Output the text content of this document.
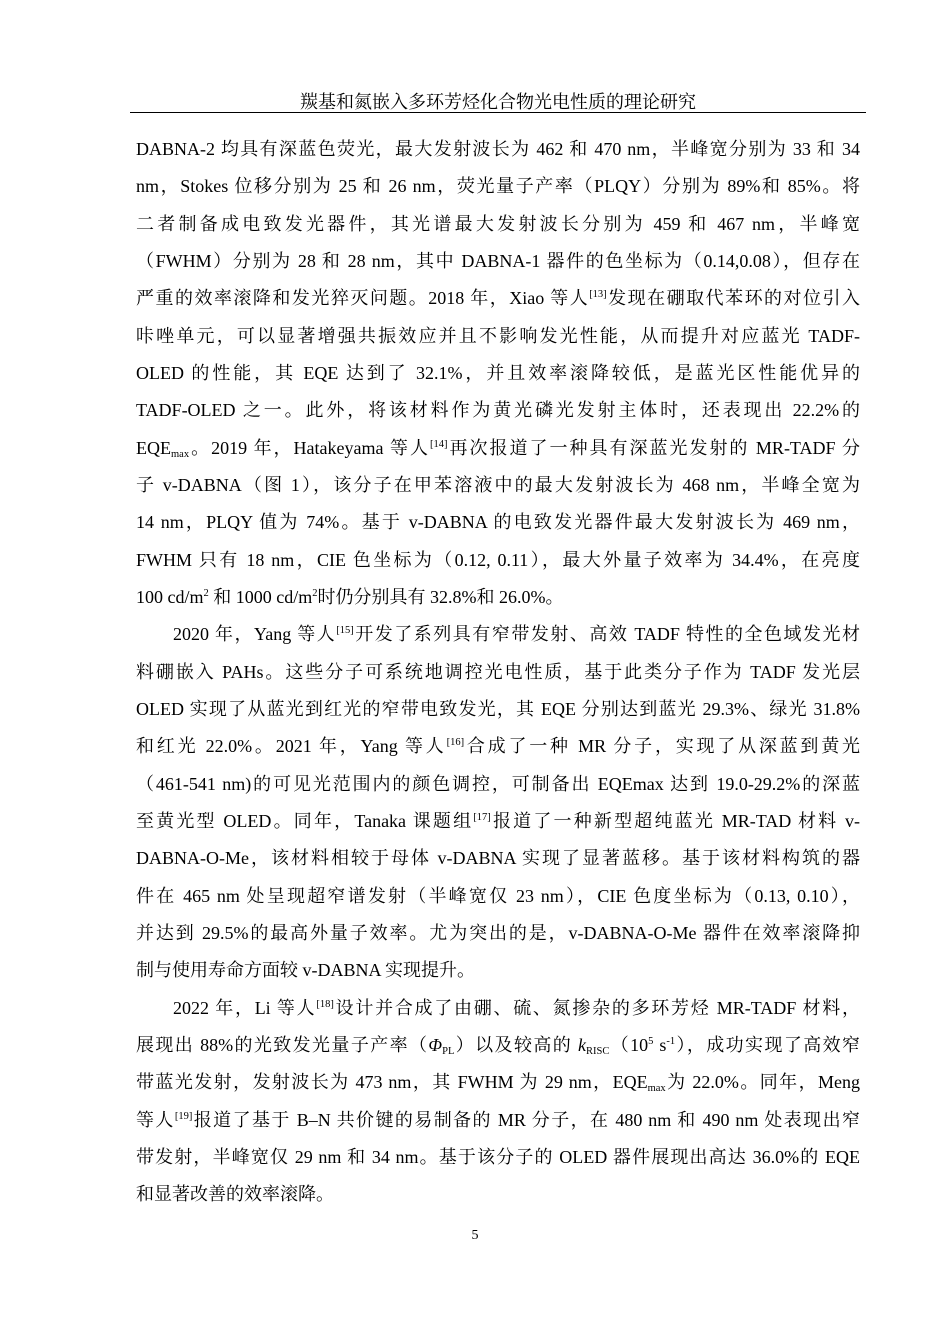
羰基和氮嵌入多环芳烃化合物光电性质的理论研究
DABNA-2 均具有深蓝色荧光，最大发射波长为 462 和 470 nm，半峰宽分别为 33 和 34
nm，Stokes 位移分别为 25 和 26 nm，荧光量子产率（PLQY）分别为 89%和 85%。将
二者制备成电致发光器件，其光谱最大发射波长分别为 459 和 467 nm，半峰宽
（FWHM）分别为 28 和 28 nm，其中 DABNA-1 器件的色坐标为（0.14,0.08），但存在
严重的效率滚降和发光猝灭问题。2018 年，Xiao 等人[13]发现在硼取代苯环的对位引入
咔唑单元，可以显著增强共振效应并且不影响发光性能，从而提升对应蓝光 TADF-
OLED 的性能，其 EQE 达到了 32.1%，并且效率滚降较低，是蓝光区性能优异的
TADF-OLED 之一。此外，将该材料作为黄光磷光发射主体时，还表现出 22.2%的
$EQE_{max}$。2019 年，Hatakeyama 等人[14]再次报道了一种具有深蓝光发射的 MR-TADF 分
子 v-DABNA（图 1），该分子在甲苯溶液中的最大发射波长为 468 nm，半峰全宽为
14 nm，PLQY 值为 74%。基于 v-DABNA 的电致发光器件最大发射波长为 469 nm，
FWHM 只有 18 nm，CIE 色坐标为（0.12, 0.11），最大外量子效率为 34.4%，在亮度
100 $cd/m^2$ 和 1000 $cd/m^2$时仍分别具有 32.8%和 26.0%。
2020 年，Yang 等人[15]开发了系列具有窄带发射、高效 TADF 特性的全色域发光材
料硼嵌入 PAHs。这些分子可系统地调控光电性质，基于此类分子作为 TADF 发光层
OLED 实现了从蓝光到红光的窄带电致发光，其 EQE 分别达到蓝光 29.3%、绿光 31.8%
和红光 22.0%。2021 年，Yang 等人[16]合成了一种 MR 分子，实现了从深蓝到黄光
（461-541 nm)的可见光范围内的颜色调控，可制备出 EQEmax 达到 19.0-29.2%的深蓝
至黄光型 OLED。同年，Tanaka 课题组[17]报道了一种新型超纯蓝光 MR-TAD 材料 v-
DABNA-O-Me，该材料相较于母体 v-DABNA 实现了显著蓝移。基于该材料构筑的器
件在 465 nm 处呈现超窄谱发射（半峰宽仅 23 nm），CIE 色度坐标为（0.13, 0.10），
并达到 29.5%的最高外量子效率。尤为突出的是，v-DABNA-O-Me 器件在效率滚降抑
制与使用寿命方面较 v-DABNA 实现提升。
2022 年，Li 等人[18]设计并合成了由硼、硫、氮掺杂的多环芳烃 MR-TADF 材料，
展现出 88%的光致发光量子产率$(\Phi_{PL})$以及较高的 $k_{RISC}(10^5$ $s^{-1}$），成功实现了高效窄
带蓝光发射，发射波长为 473 nm，其 FWHM 为 29 nm，$EQE_{max}$为 22.0%。同年，Meng
等人[19]报道了基于 B–N 共价键的易制备的 MR 分子，在 480 nm 和 490 nm 处表现出窄
带发射，半峰宽仅 29 nm 和 34 nm。基于该分子的 OLED 器件展现出高达 36.0%的 EQE
和显著改善的效率滚降。
5
